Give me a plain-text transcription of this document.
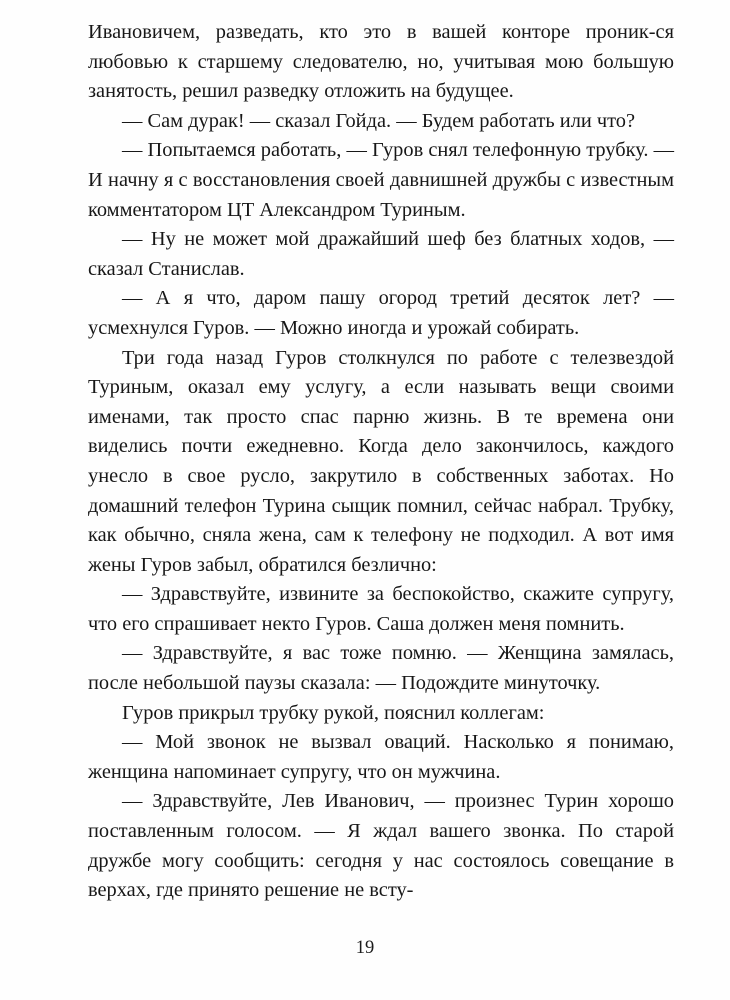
Ивановичем, разведать, кто это в вашей конторе проник-ся любовью к старшему следователю, но, учитывая мою большую занятость, решил разведку отложить на будущее.

— Сам дурак! — сказал Гойда. — Будем работать или что?

— Попытаемся работать, — Гуров снял телефонную трубку. — И начну я с восстановления своей давнишней дружбы с известным комментатором ЦТ Александром Туриным.

— Ну не может мой дражайший шеф без блатных ходов, — сказал Станислав.

— А я что, даром пашу огород третий десяток лет? — усмехнулся Гуров. — Можно иногда и урожай собирать.

Три года назад Гуров столкнулся по работе с телезвездой Туриным, оказал ему услугу, а если называть вещи своими именами, так просто спас парню жизнь. В те времена они виделись почти ежедневно. Когда дело закончилось, каждого унесло в свое русло, закрутило в собственных заботах. Но домашний телефон Турина сыщик помнил, сейчас набрал. Трубку, как обычно, сняла жена, сам к телефону не подходил. А вот имя жены Гуров забыл, обратился безлично:

— Здравствуйте, извините за беспокойство, скажите супругу, что его спрашивает некто Гуров. Саша должен меня помнить.

— Здравствуйте, я вас тоже помню. — Женщина замялась, после небольшой паузы сказала: — Подождите минуточку.

Гуров прикрыл трубку рукой, пояснил коллегам:

— Мой звонок не вызвал оваций. Насколько я понимаю, женщина напоминает супругу, что он мужчина.

— Здравствуйте, Лев Иванович, — произнес Турин хорошо поставленным голосом. — Я ждал вашего звонка. По старой дружбе могу сообщить: сегодня у нас состоялось совещание в верхах, где принято решение не всту-

19
